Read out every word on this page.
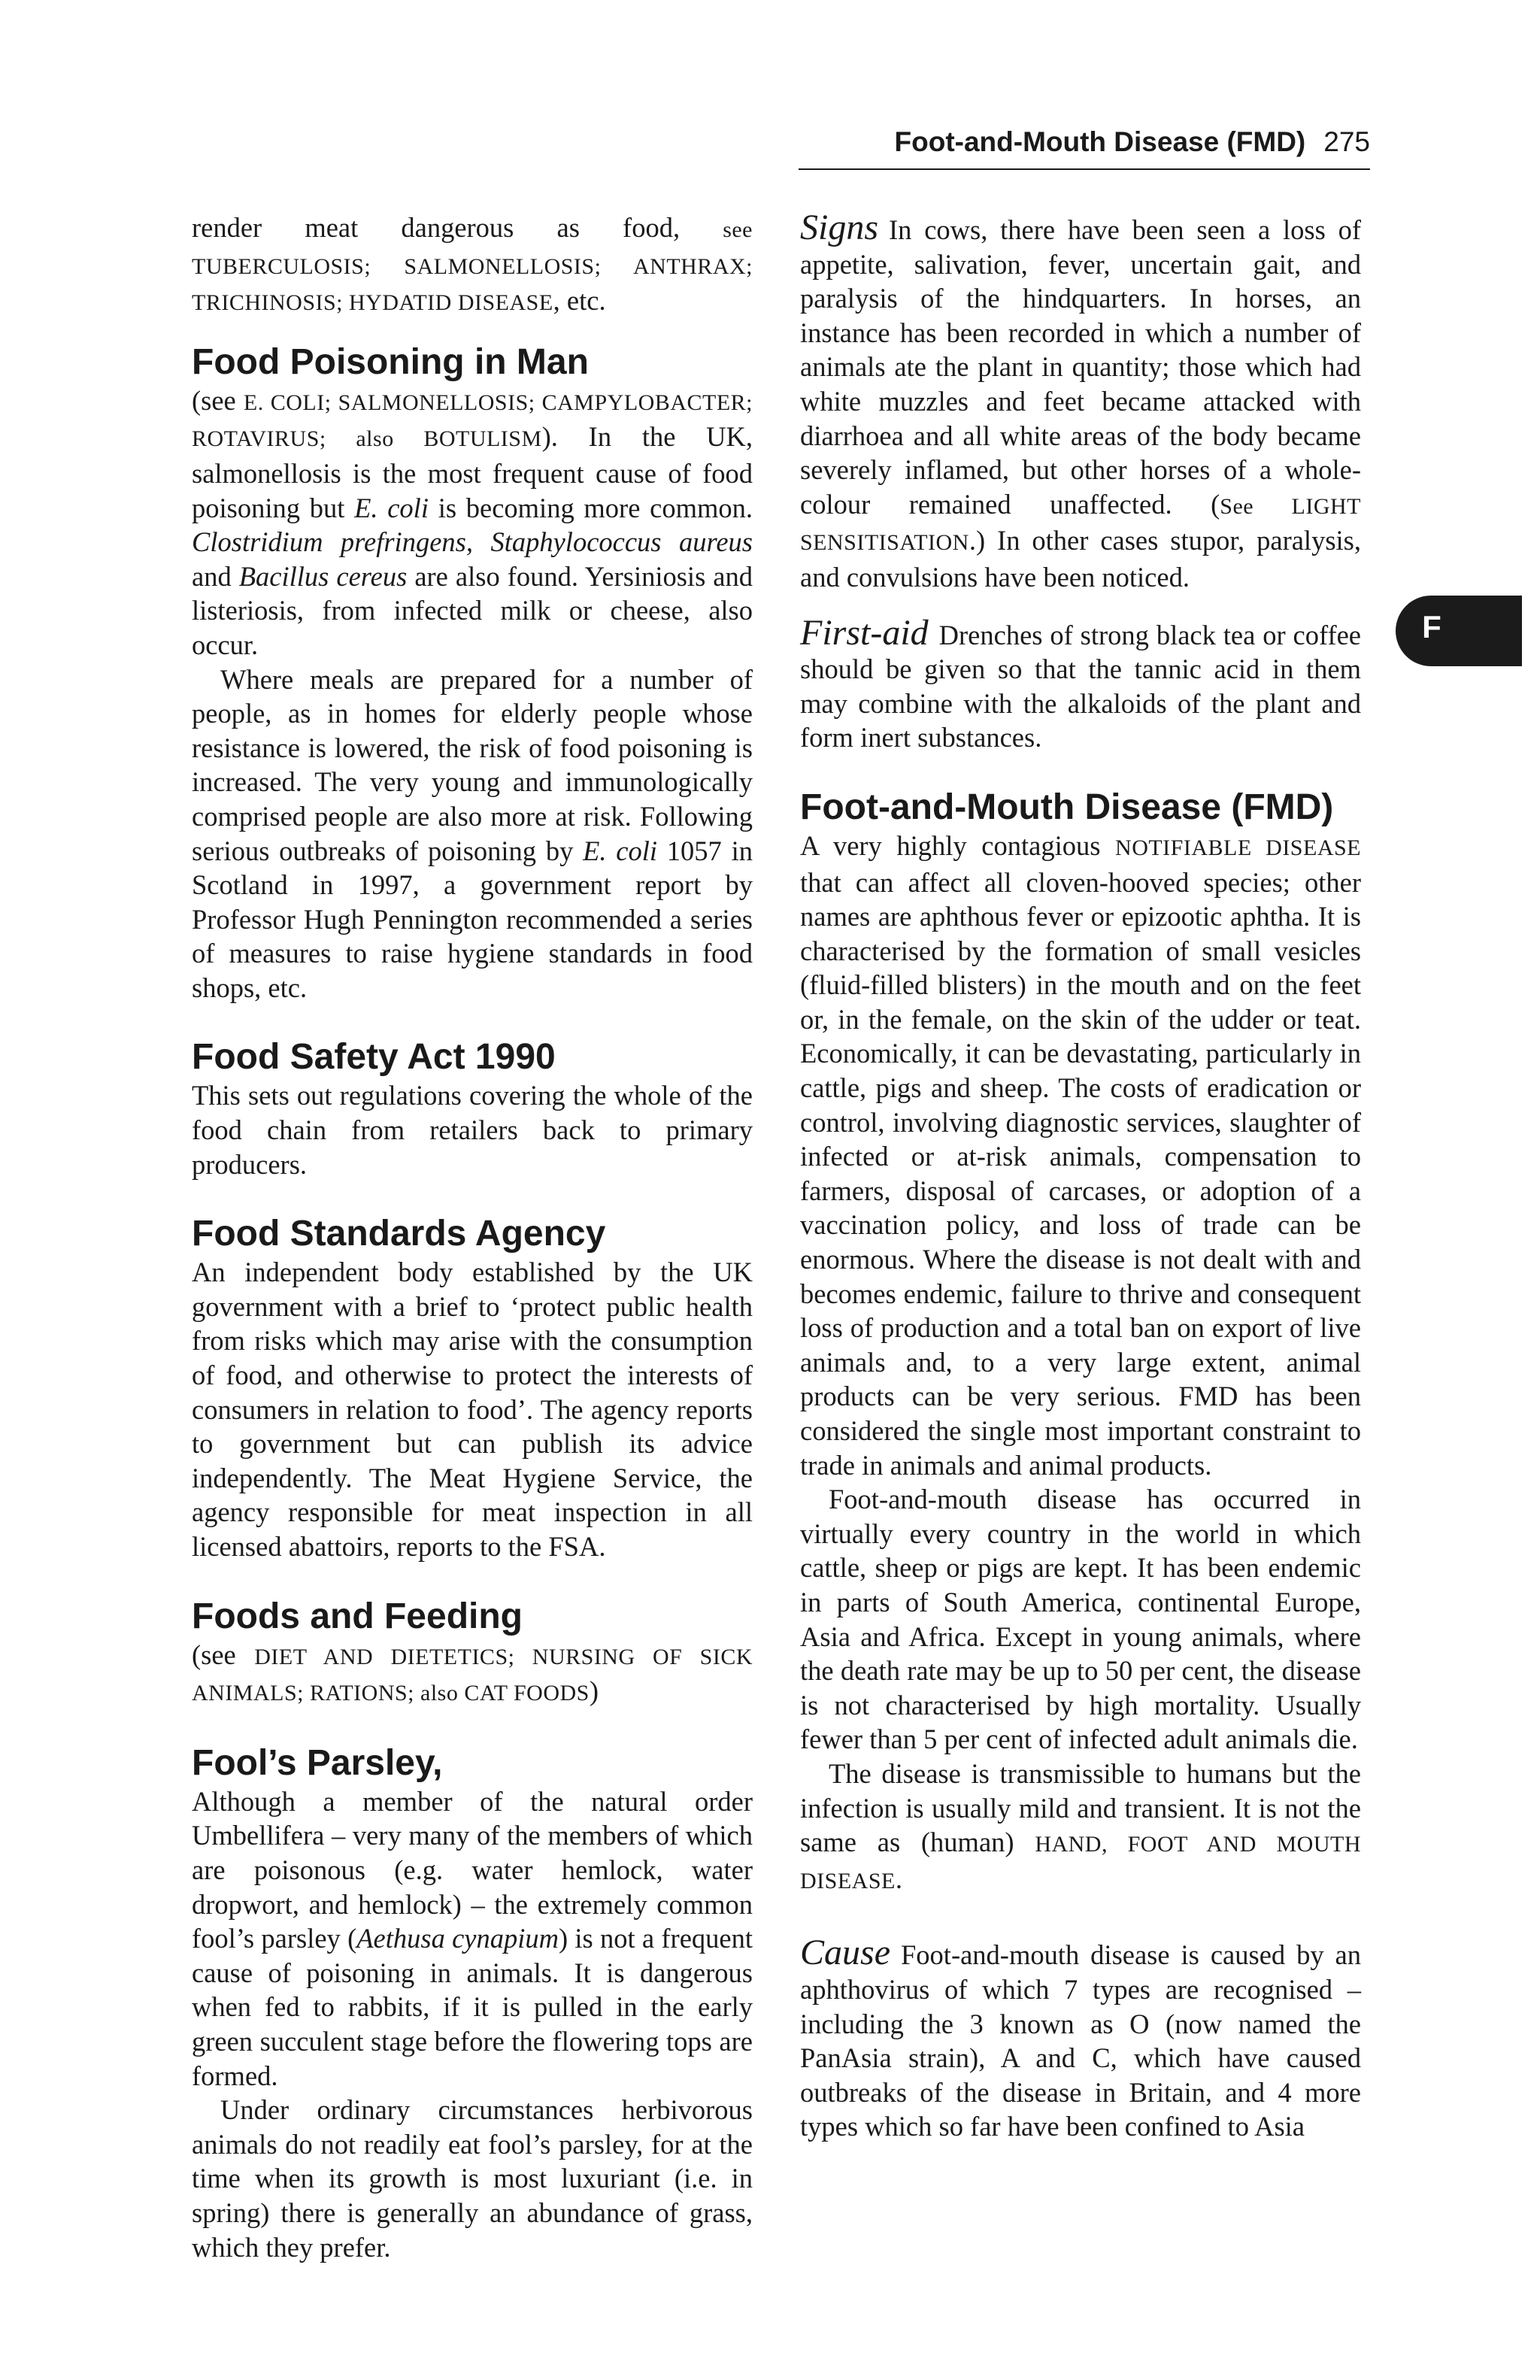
Foot-and-Mouth Disease (FMD) 275
F

render meat dangerous as food, see TUBERCULOSIS; SALMONELLOSIS; ANTHRAX; TRICHINOSIS; HYDATID DISEASE, etc.

Food Poisoning in Man

(see E. COLI; SALMONELLOSIS; CAMPYLOBACTER; ROTAVIRUS; also BOTULISM). In the UK, salmonellosis is the most frequent cause of food poisoning but E. coli is becoming more common. Clostridium prefringens, Staphylococcus aureus and Bacillus cereus are also found. Yersiniosis and listeriosis, from infected milk or cheese, also occur.

Where meals are prepared for a number of people, as in homes for elderly people whose resistance is lowered, the risk of food poisoning is increased. The very young and immunologically comprised people are also more at risk. Following serious outbreaks of poisoning by E. coli 1057 in Scotland in 1997, a government report by Professor Hugh Pennington recommended a series of measures to raise hygiene standards in food shops, etc.

Food Safety Act 1990

This sets out regulations covering the whole of the food chain from retailers back to primary producers.

Food Standards Agency

An independent body established by the UK government with a brief to ‘protect public health from risks which may arise with the consumption of food, and otherwise to protect the interests of consumers in relation to food’. The agency reports to government but can publish its advice independently. The Meat Hygiene Service, the agency responsible for meat inspection in all licensed abattoirs, reports to the FSA.

Foods and Feeding

(see DIET AND DIETETICS; NURSING OF SICK ANIMALS; RATIONS; also CAT FOODS)

Fool’s Parsley,

Although a member of the natural order Umbellifera – very many of the members of which are poisonous (e.g. water hemlock, water dropwort, and hemlock) – the extremely common fool’s parsley (Aethusa cynapium) is not a frequent cause of poisoning in animals. It is dangerous when fed to rabbits, if it is pulled in the early green succulent stage before the flowering tops are formed.

Under ordinary circumstances herbivorous animals do not readily eat fool’s parsley, for at the time when its growth is most luxuriant (i.e. in spring) there is generally an abundance of grass, which they prefer.

Signs In cows, there have been seen a loss of appetite, salivation, fever, uncertain gait, and paralysis of the hindquarters. In horses, an instance has been recorded in which a number of animals ate the plant in quantity; those which had white muzzles and feet became attacked with diarrhoea and all white areas of the body became severely inflamed, but other horses of a whole-colour remained unaffected. (See LIGHT SENSITISATION.) In other cases stupor, paralysis, and convulsions have been noticed.

First-aid Drenches of strong black tea or coffee should be given so that the tannic acid in them may combine with the alkaloids of the plant and form inert substances.

Foot-and-Mouth Disease (FMD)

A very highly contagious NOTIFIABLE DISEASE that can affect all cloven-hooved species; other names are aphthous fever or epizootic aphtha. It is characterised by the formation of small vesicles (fluid-filled blisters) in the mouth and on the feet or, in the female, on the skin of the udder or teat. Economically, it can be devastating, particularly in cattle, pigs and sheep. The costs of eradication or control, involving diagnostic services, slaughter of infected or at-risk animals, compensation to farmers, disposal of carcases, or adoption of a vaccination policy, and loss of trade can be enormous. Where the disease is not dealt with and becomes endemic, failure to thrive and consequent loss of production and a total ban on export of live animals and, to a very large extent, animal products can be very serious. FMD has been considered the single most important constraint to trade in animals and animal products.

Foot-and-mouth disease has occurred in virtually every country in the world in which cattle, sheep or pigs are kept. It has been endemic in parts of South America, continental Europe, Asia and Africa. Except in young animals, where the death rate may be up to 50 per cent, the disease is not characterised by high mortality. Usually fewer than 5 per cent of infected adult animals die.

The disease is transmissible to humans but the infection is usually mild and transient. It is not the same as (human) HAND, FOOT AND MOUTH DISEASE.

Cause Foot-and-mouth disease is caused by an aphthovirus of which 7 types are recognised – including the 3 known as O (now named the PanAsia strain), A and C, which have caused outbreaks of the disease in Britain, and 4 more types which so far have been confined to Asia
